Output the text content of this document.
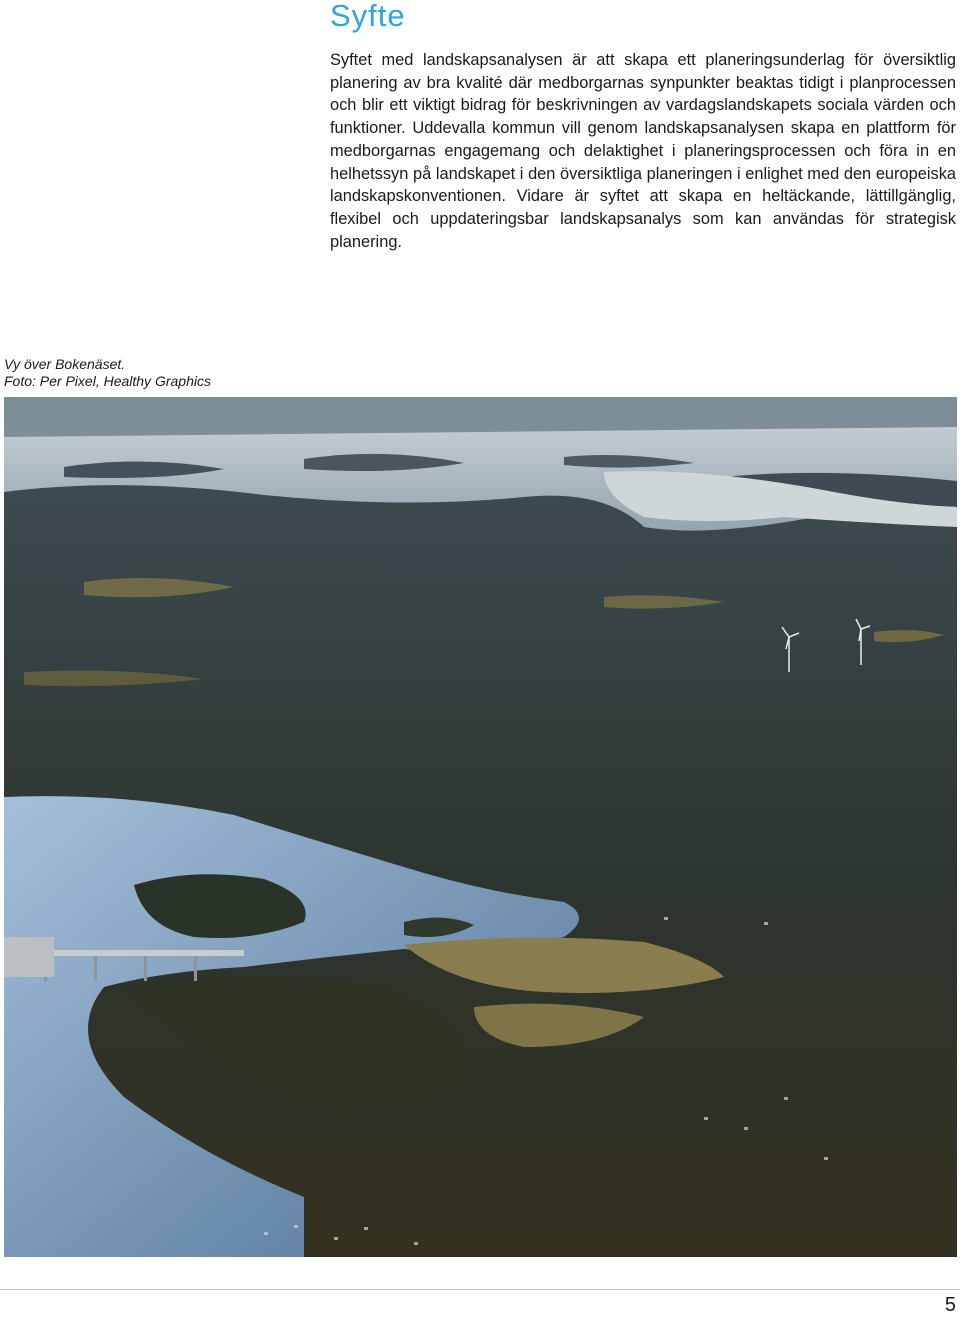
Syfte

Syftet med landskapsanalysen är att skapa ett planeringsunderlag för översiktlig planering av bra kvalité där medborgarnas synpunkter beaktas tidigt i planprocessen och blir ett viktigt bidrag för beskrivningen av vardagslandskapets sociala värden och funktioner. Uddevalla kommun vill genom landskapsanalysen skapa en plattform för medborgarnas engagemang och delaktighet i planeringsprocessen och föra in en helhetssyn på landskapet i den översiktliga planeringen i enlighet med den europeiska landskapskonventionen. Vidare är syftet att skapa en heltäckande, lättillgänglig, flexibel och uppdateringsbar landskapsanalys som kan användas för strategisk planering.

Vy över Bokenäset.
Foto: Per Pixel, Healthy Graphics
5
